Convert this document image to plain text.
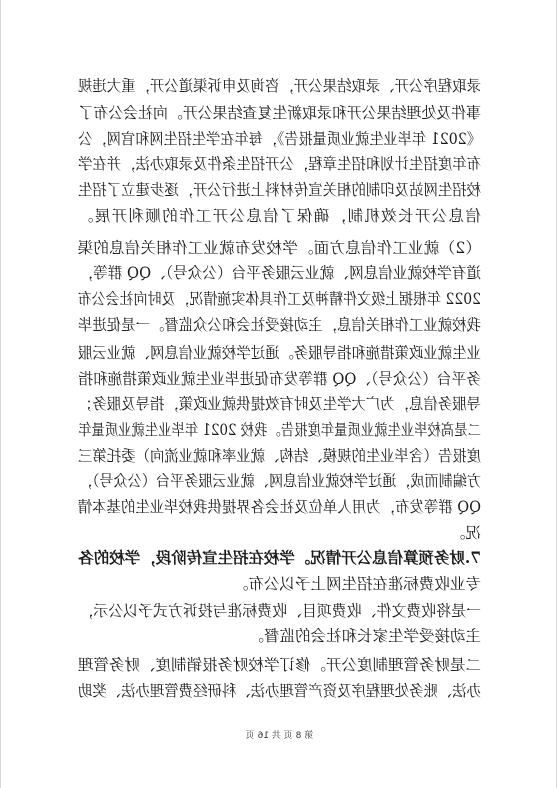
录取程序公开、录取结果公开，咨询及申诉渠道公开，重大违规
事件及处理结果公开和录取新生复查结果公开。向社会公布了
《2021 年毕业生就业质量报告》，每年在学生招生网和官网，公
布年度招生计划和招生章程，公开招生条件及录取办法，并在学
校招生网站及印制的相关宣传材料上进行公开，逐步建立了招生
信息公开长效机制，确保了信息公开工作的顺利开展。
（2）就业工作信息方面。学校发布就业工作相关信息的渠
道有学校就业信息网、就业云服务平台（公众号）、QQ 群等，
2022 年根据上级文件精神及工作具体实施情况，及时向社会公布
我校就业工作相关信息，主动接受社会和公众监督。一是促进毕
业生就业政策措施和指导服务。通过学校就业信息网、就业云服
务平台（公众号）、QQ 群等发布促进毕业生就业政策措施和指
导服务信息，为广大学生及时有效提供就业政策，指导及服务；
二是高校毕业生就业质量年度报告。我校 2021 年毕业生就业质量年
度报告（含毕业生的规模、结构、就业率和就业流向）委托第三
方编制而成，通过学校就业信息网、就业云服务平台（公众号），
QQ 群等发布，为用人单位及社会各界提供我校毕业生的基本情
况。
7.财务预算信息公开情况。学校在招生宣传阶段，学校的各
专业收费标准在招生网上予以公布。
一是将收费文件、收费项目、收费标准与投诉方式予以公示，
主动接受学生家长和社会的监督。
二是财务管理制度公开。修订学校财务报销制度、财务管理
办法、账务处理程序及资产管理办法、科研经费管理办法、奖助
第 8 页 共 16 页
